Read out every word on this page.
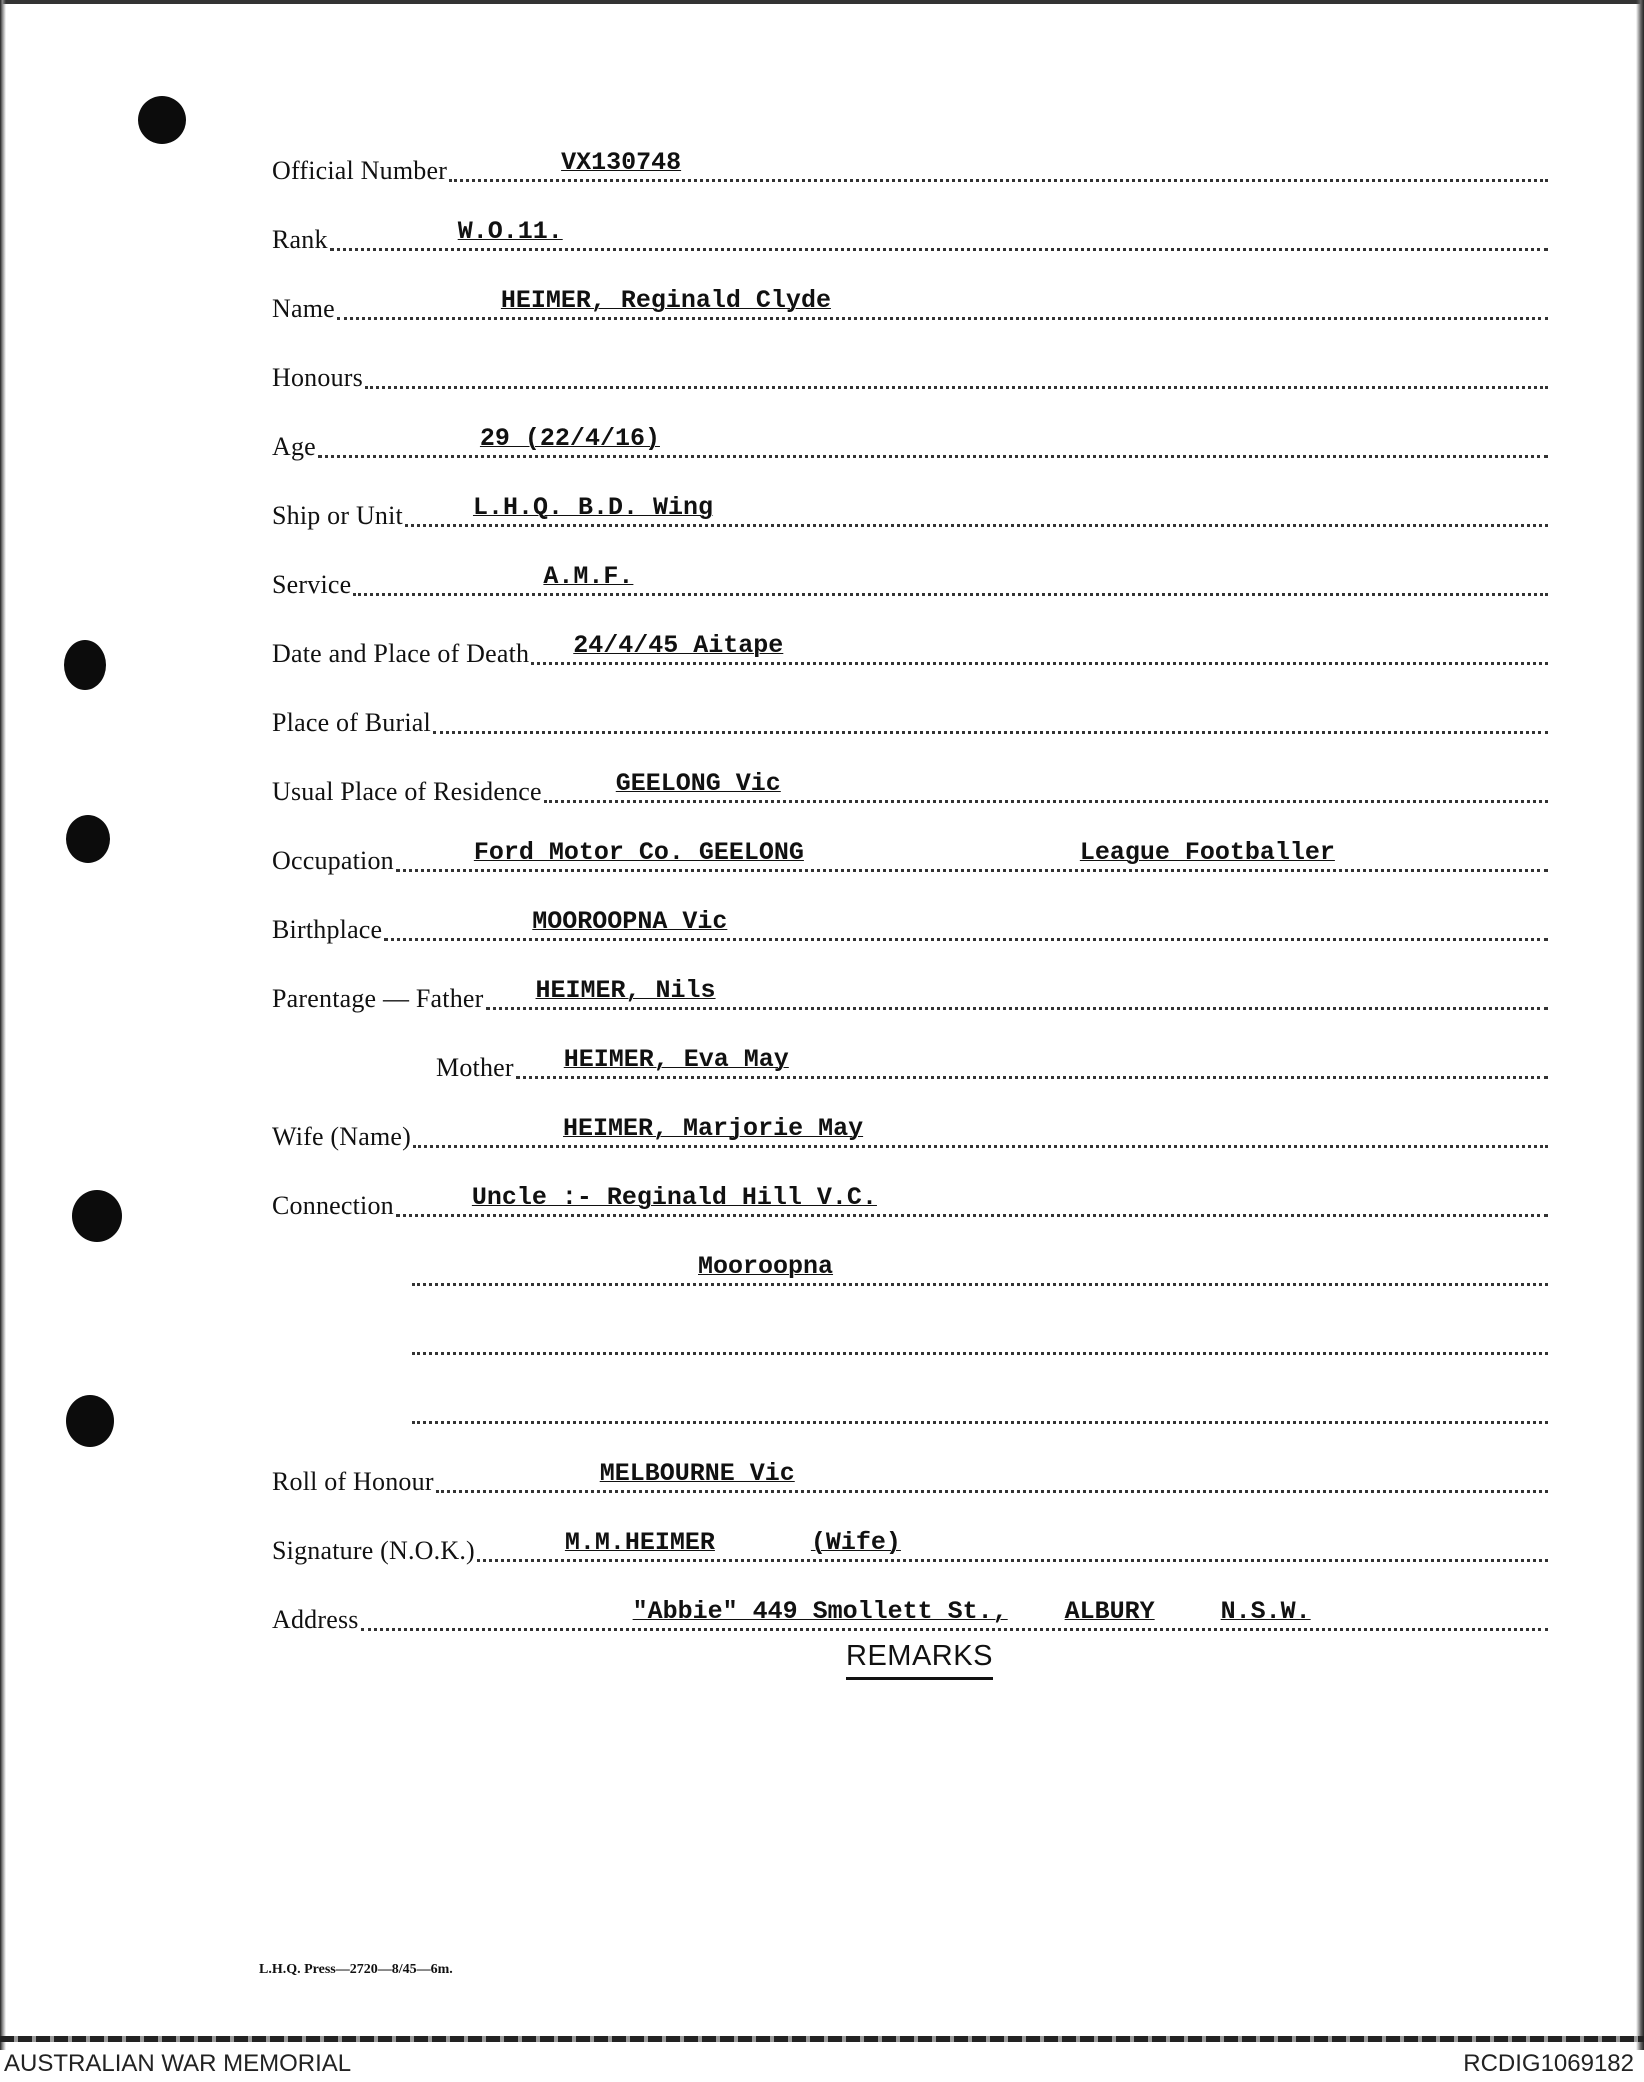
Official Number	VX130748
Rank	W.O.11.
Name	HEIMER, Reginald Clyde
Honours
Age	29 (22/4/16)
Ship or Unit	L.H.Q. B.D. Wing
Service	A.M.F.
Date and Place of Death 24/4/45 Aitape
Place of Burial
Usual Place of Residence	GEELONG Vic
Occupation	Ford Motor Co. GEELONG	League Footballer
Birthplace	MOOROOPNA Vic
Parentage — Father HEIMER, Nils
Mother HEIMER, Eva May
Wife (Name)	HEIMER, Marjorie May
Connection	Uncle :- Reginald Hill V.C.
Mooroopna
Roll of Honour	MELBOURNE Vic
Signature (N.O.K.)	M.M.HEIMER	(Wife)
Address	"Abbie" 449 Smollett St., ALBURY	N.S.W.
REMARKS
L.H.Q. Press—2720—8/45—6m.
AUSTRALIAN WAR MEMORIAL	RCDIG1069182
